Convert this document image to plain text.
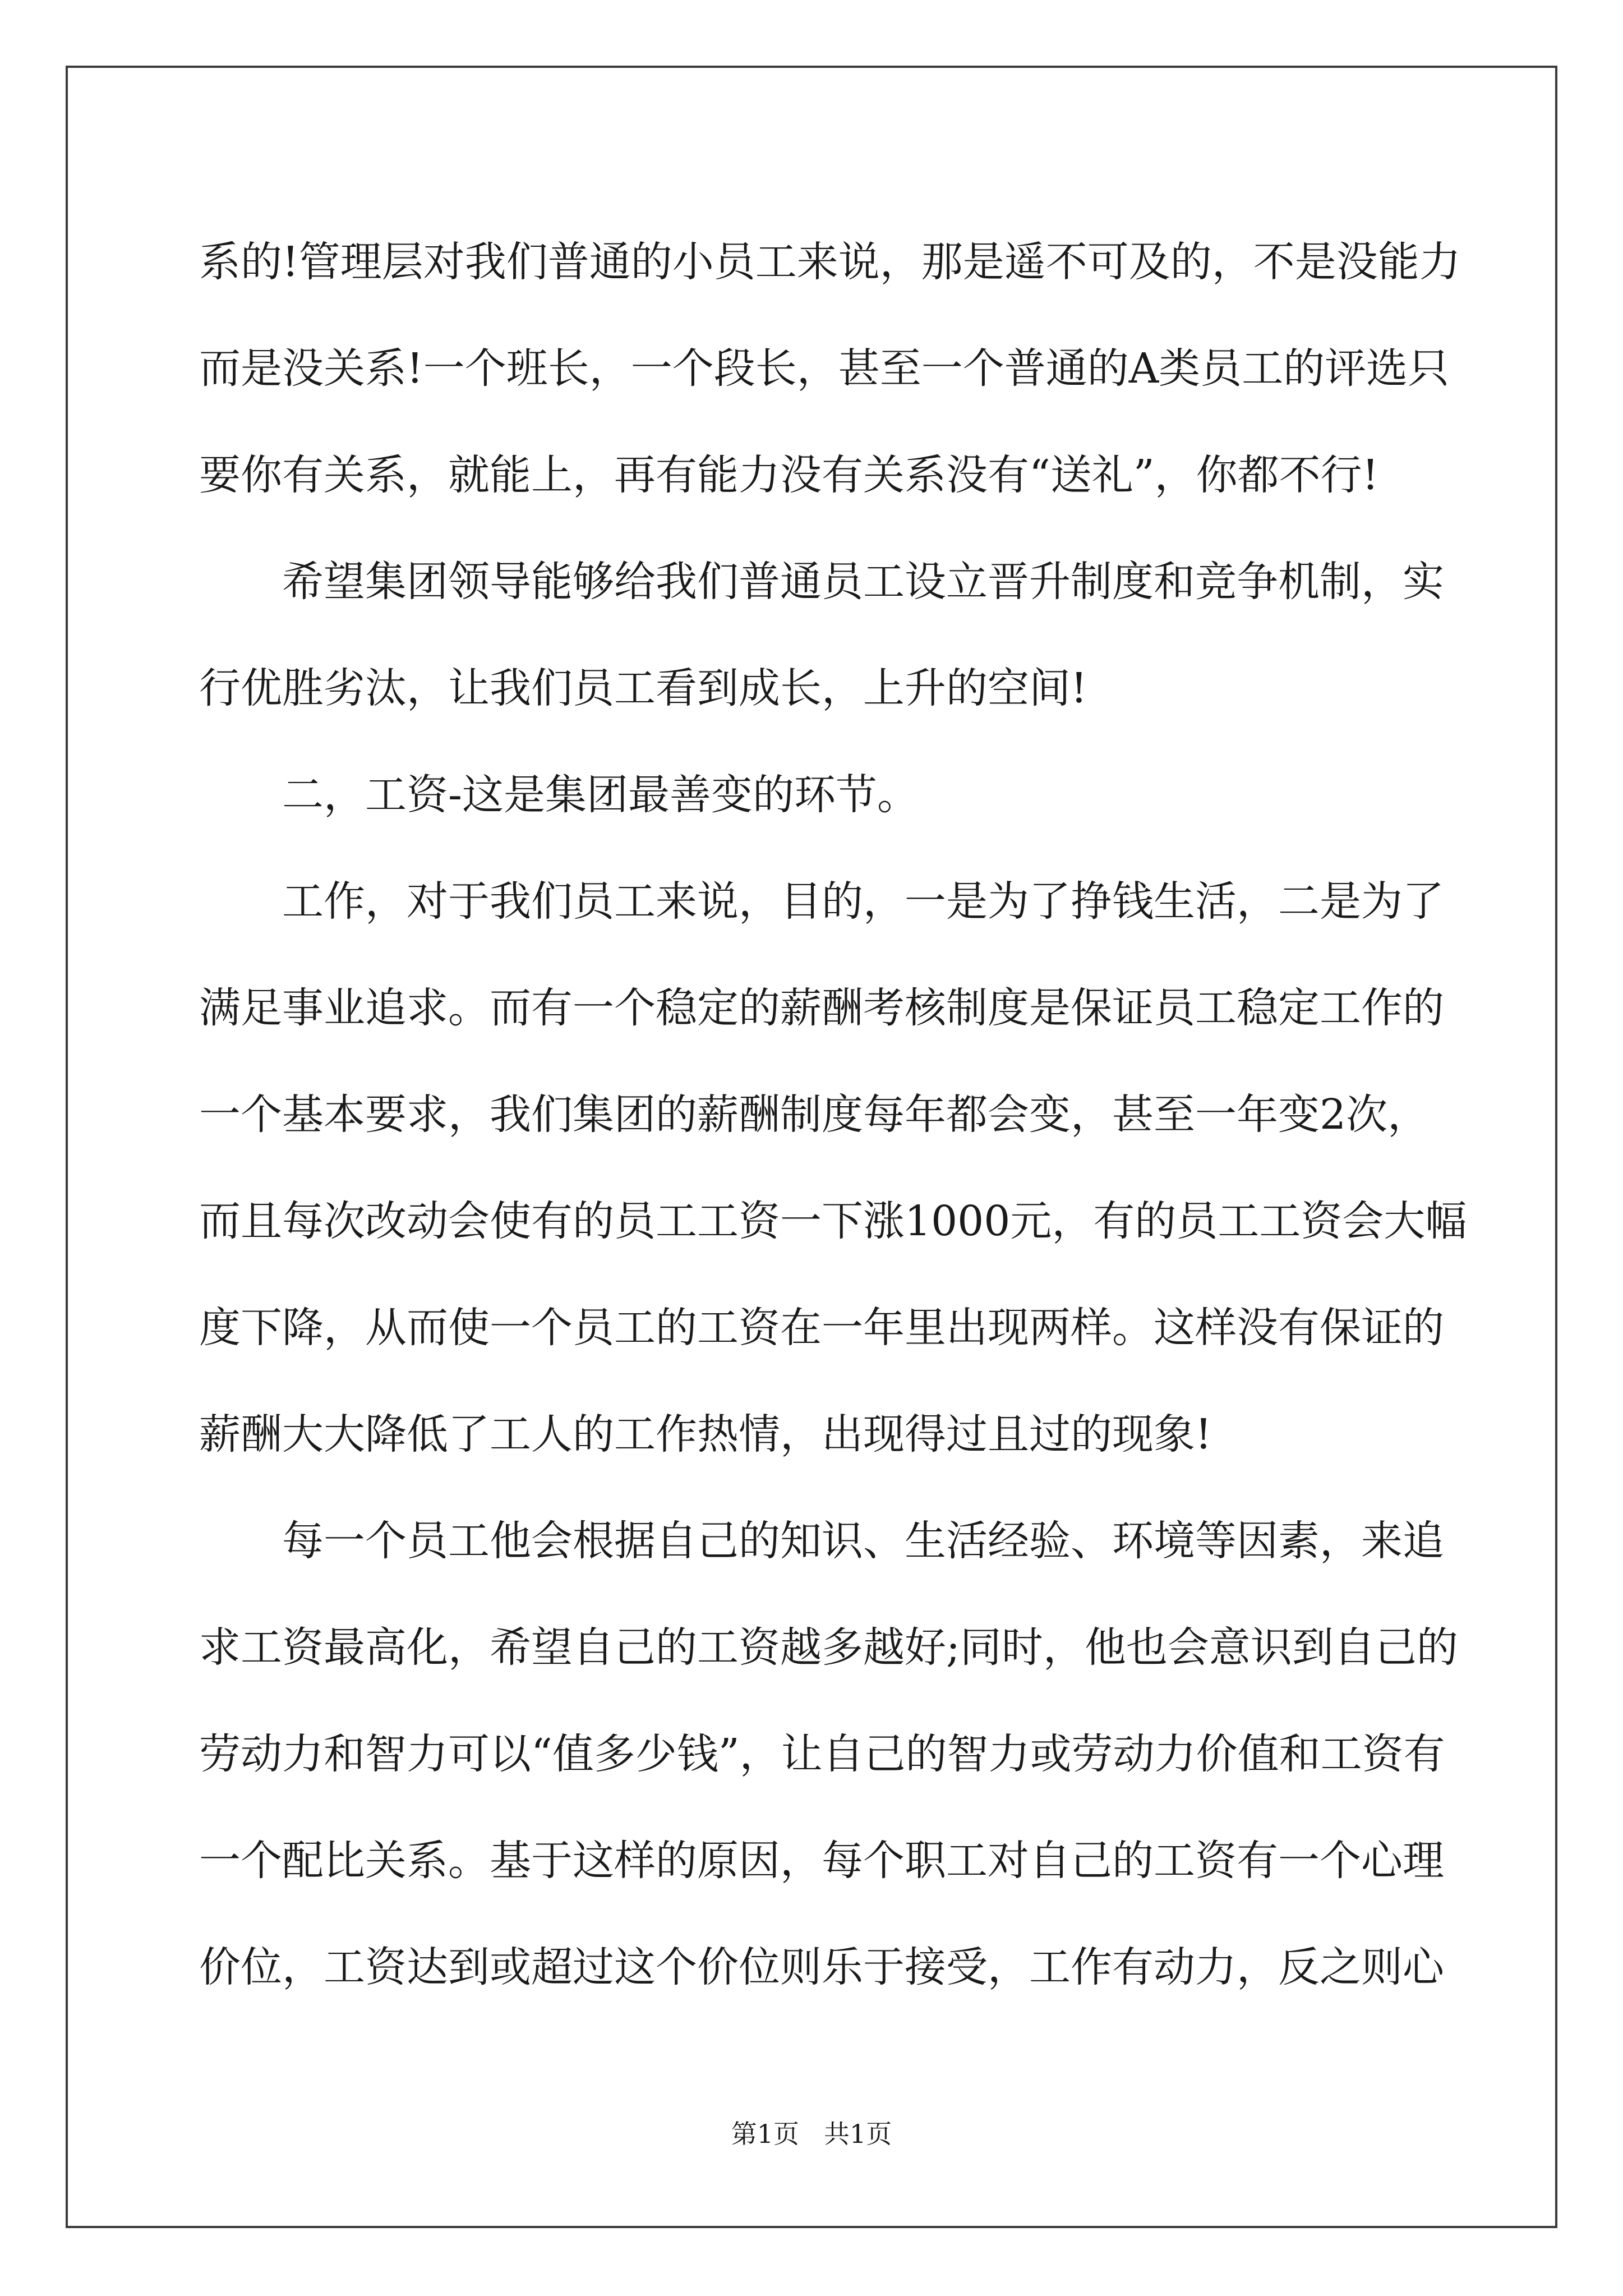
系的!管理层对我们普通的小员工来说，那是遥不可及的，不是没能力
而是没关系!一个班长，一个段长，甚至一个普通的A类员工的评选只
要你有关系，就能上，再有能力没有关系没有“送礼”，你都不行!
希望集团领导能够给我们普通员工设立晋升制度和竞争机制，实
行优胜劣汰，让我们员工看到成长，上升的空间!
二，工资-这是集团最善变的环节。
工作，对于我们员工来说，目的，一是为了挣钱生活，二是为了
满足事业追求。而有一个稳定的薪酬考核制度是保证员工稳定工作的
一个基本要求，我们集团的薪酬制度每年都会变，甚至一年变2次，
而且每次改动会使有的员工工资一下涨1000元，有的员工工资会大幅
度下降，从而使一个员工的工资在一年里出现两样。这样没有保证的
薪酬大大降低了工人的工作热情，出现得过且过的现象!
每一个员工他会根据自己的知识、生活经验、环境等因素，来追
求工资最高化，希望自己的工资越多越好;同时，他也会意识到自己的
劳动力和智力可以“值多少钱”，让自己的智力或劳动力价值和工资有
一个配比关系。基于这样的原因，每个职工对自己的工资有一个心理
价位，工资达到或超过这个价位则乐于接受，工作有动力，反之则心
第1页 共1页
